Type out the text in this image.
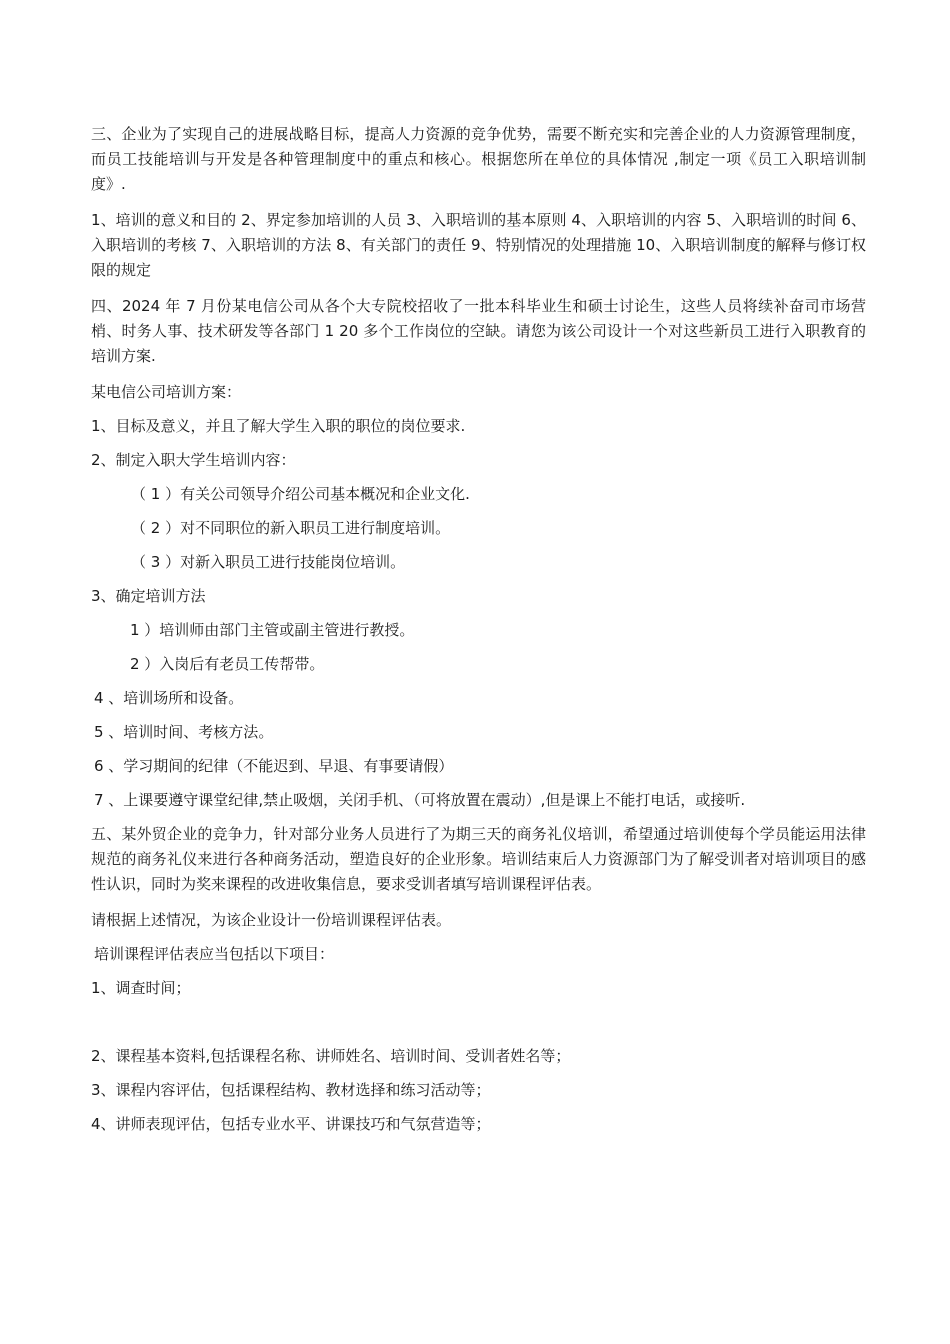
三、企业为了实现自己的进展战略目标，提高人力资源的竞争优势，需要不断充实和完善企业的人力资源管理制度，而员工技能培训与开发是各种管理制度中的重点和核心。根据您所在单位的具体情况 ,制定一项《员工入职培训制度》.

1、培训的意义和目的 2、界定参加培训的人员 3、入职培训的基本原则 4、入职培训的内容 5、入职培训的时间 6、入职培训的考核 7、入职培训的方法 8、有关部门的责任 9、特别情况的处理措施 10、入职培训制度的解释与修订权限的规定

四、2024 年 7 月份某电信公司从各个大专院校招收了一批本科毕业生和硕士讨论生，这些人员将续补奋司市场营梢、时务人事、技术研发等各部门 1 20 多个工作岗位的空缺。请您为该公司设计一个对这些新员工进行入职教育的培训方案.

某电信公司培训方案：

1、目标及意义，并且了解大学生入职的职位的岗位要求.

2、制定入职大学生培训内容：

（ 1 ）有关公司领导介绍公司基本概况和企业文化.

（ 2 ）对不同职位的新入职员工进行制度培训。

（ 3 ）对新入职员工进行技能岗位培训。

3、确定培训方法

1 ）培训师由部门主管或副主管进行教授。

2 ）入岗后有老员工传帮带。

4 、培训场所和设备。

5 、培训时间、考核方法。

6 、学习期间的纪律（不能迟到、早退、有事要请假）

7 、上课要遵守课堂纪律,禁止吸烟，关闭手机、（可将放置在震动）,但是课上不能打电话，或接听.

五、某外贸企业的竞争力，针对部分业务人员进行了为期三天的商务礼仪培训，希望通过培训使每个学员能运用法律规范的商务礼仪来进行各种商务活动，塑造良好的企业形象。培训结束后人力资源部门为了解受训者对培训项目的感性认识，同时为奖来课程的改进收集信息，要求受训者填写培训课程评估表。

请根据上述情况，为该企业设计一份培训课程评估表。

培训课程评估表应当包括以下项目：

1、调查时间；

2、课程基本资料,包括课程名称、讲师姓名、培训时间、受训者姓名等；

3、课程内容评估，包括课程结构、教材选择和练习活动等；

4、讲师表现评估，包括专业水平、讲课技巧和气氛营造等；
